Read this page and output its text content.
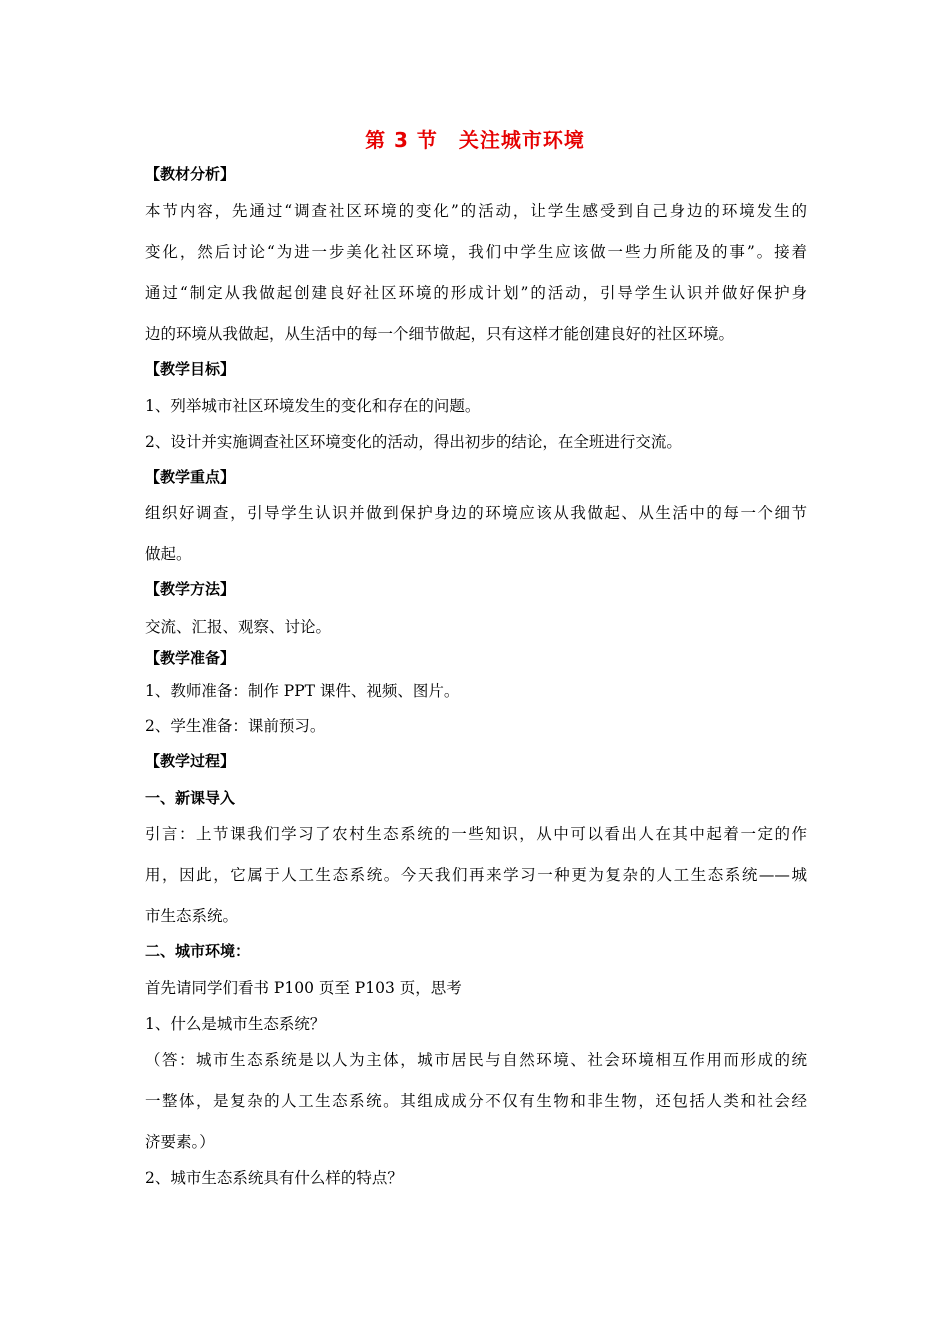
第 3 节　关注城市环境
【教材分析】
本节内容，先通过“调查社区环境的变化”的活动，让学生感受到自己身边的环境发生的
变化，然后讨论“为进一步美化社区环境，我们中学生应该做一些力所能及的事”。接着
通过“制定从我做起创建良好社区环境的形成计划”的活动，引导学生认识并做好保护身
边的环境从我做起，从生活中的每一个细节做起，只有这样才能创建良好的社区环境。
【教学目标】
1、列举城市社区环境发生的变化和存在的问题。
2、设计并实施调查社区环境变化的活动，得出初步的结论，在全班进行交流。
【教学重点】
组织好调查，引导学生认识并做到保护身边的环境应该从我做起、从生活中的每一个细节
做起。
【教学方法】
交流、汇报、观察、讨论。
【教学准备】
1、教师准备：制作 PPT 课件、视频、图片。
2、学生准备：课前预习。
【教学过程】
一、新课导入
引言：上节课我们学习了农村生态系统的一些知识，从中可以看出人在其中起着一定的作
用，因此，它属于人工生态系统。今天我们再来学习一种更为复杂的人工生态系统——城
市生态系统。
二、城市环境：
首先请同学们看书 P100 页至 P103 页，思考
1、什么是城市生态系统？
（答：城市生态系统是以人为主体，城市居民与自然环境、社会环境相互作用而形成的统
一整体，是复杂的人工生态系统。其组成成分不仅有生物和非生物，还包括人类和社会经
济要素。）
2、城市生态系统具有什么样的特点？
